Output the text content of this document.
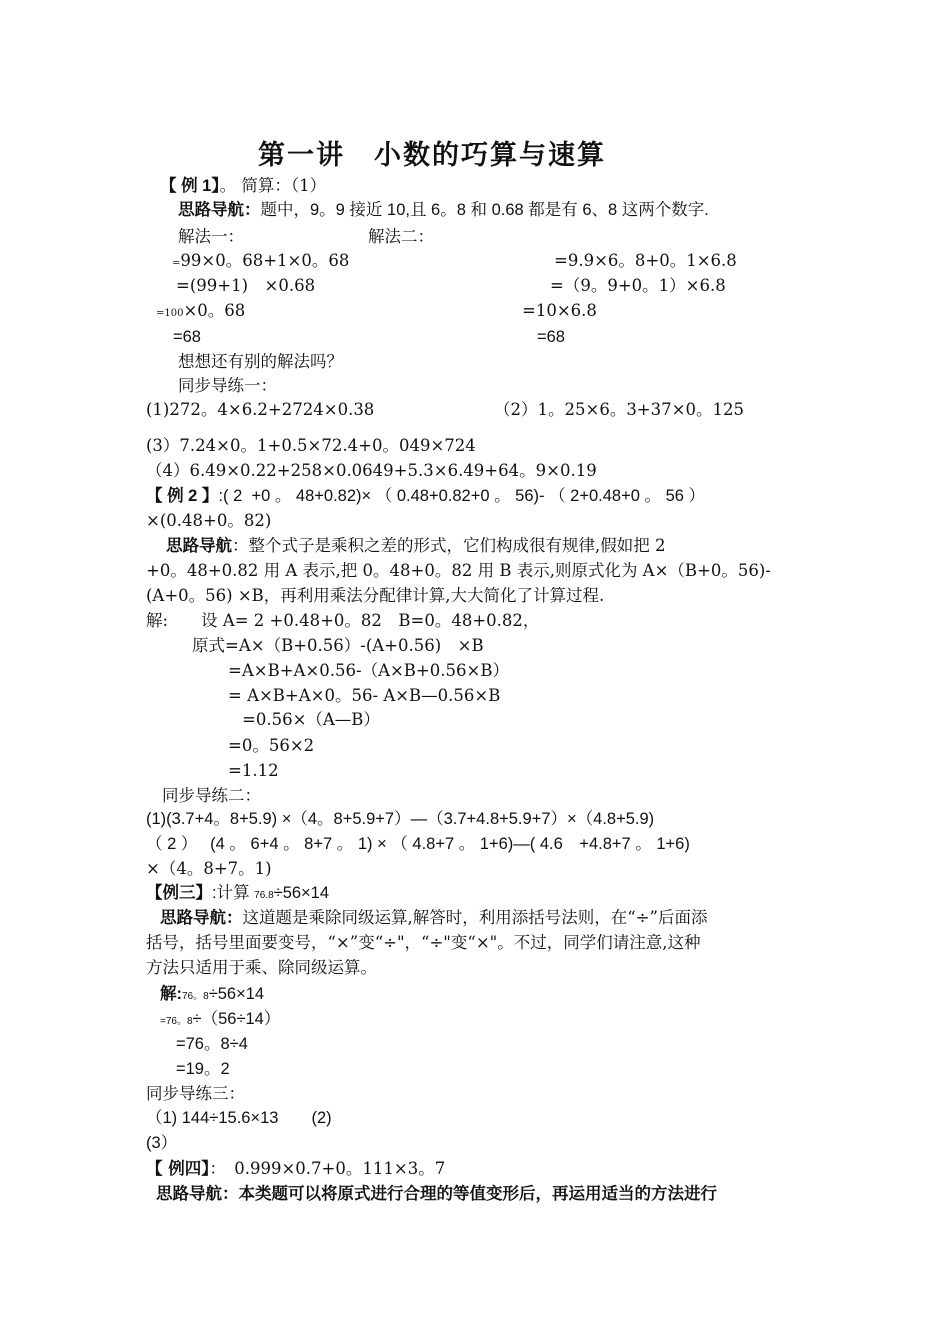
第一讲　小数的巧算与速算
【 例 1】。 简算：（1）
思路导航：题中，9。9 接近 10,且 6。8 和 0.68 都是有 6、8 这两个数字.
解法一：	解法二：
=99×0。68+1×0。68
=(99+1)　×0.68
=100×0。68
=68
=9.9×6。8+0。1×6.8
=（9。9+0。1）×6.8
=10×6.8
=68
想想还有别的解法吗？
同步导练一：
(1)272。4×6.2+2724×0.38	（2）1。25×6。3+37×0。125
(3）7.24×0。1+0.5×72.4+0。049×724
（4）6.49×0.22+258×0.0649+5.3×6.49+64。9×0.19
【 例 2 】:( 2  +0 。 48+0.82)× （ 0.48+0.82+0 。 56)- （ 2+0.48+0 。 56 ）
×(0.48+0。82)
思路导航：整个式子是乘积之差的形式，它们构成很有规律,假如把 2
+0。48+0.82 用 A 表示,把 0。48+0。82 用 B 表示,则原式化为 A×（B+0。56)-
(A+0。56) ×B，再利用乘法分配律计算,大大简化了计算过程.
解:　　设 A= 2 +0.48+0。82　B=0。48+0.82，
原式=A×（B+0.56）-(A+0.56)　×B
=A×B+A×0.56-（A×B+0.56×B）
= A×B+A×0。56- A×B—0.56×B
=0.56×（A—B）
=0。56×2
=1.12
同步导练二：
(1)(3.7+4。8+5.9) ×（4。8+5.9+7）—（3.7+4.8+5.9+7）×（4.8+5.9)
（ 2 ）　 (4 。 6+4 。 8+7 。 1) × （ 4.8+7 。 1+6)—( 4.6　+4.8+7 。 1+6)
×（4。8+7。1)
【例三】:计算 76.8÷56×14
思路导航：这道题是乘除同级运算,解答时，利用添括号法则，在“÷”后面添
括号，括号里面要变号，“×”变“÷"，“÷"变“×"。不过，同学们请注意,这种
方法只适用于乘、除同级运算。
解:76。8÷56×14
=76。8÷（56÷14）
=76。8÷4
=19。2
同步导练三：
（1) 144÷15.6×13　　(2)
(3）
【 例四】：　0.999×0.7+0。111×3。7
思路导航：本类题可以将原式进行合理的等值变形后，再运用适当的方法进行
